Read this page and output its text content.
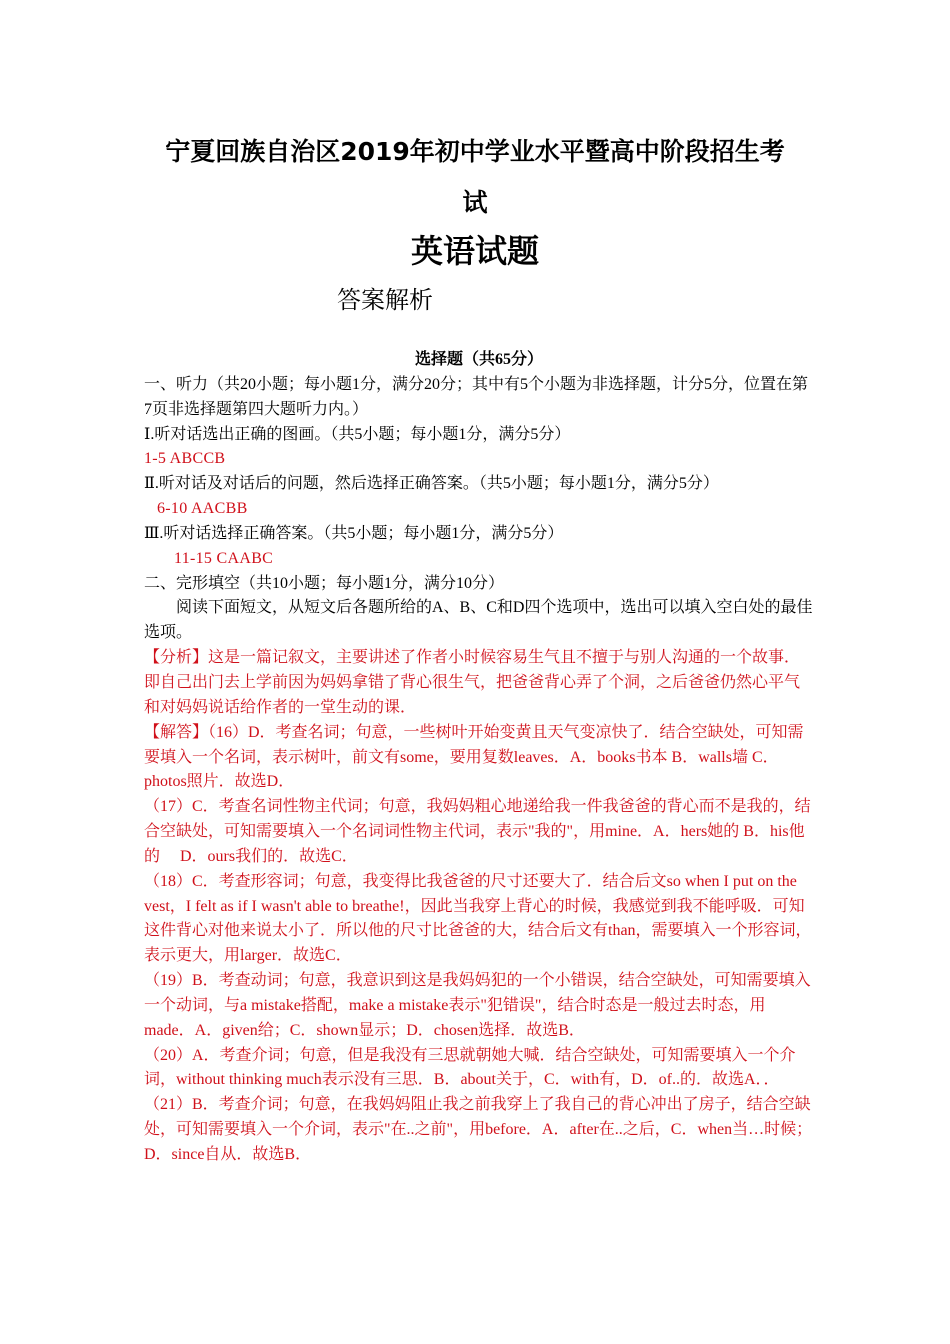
宁夏回族自治区2019年初中学业水平暨高中阶段招生考
试
英语试题
答案解析

选择题（共65分）

一、听力（共20小题；每小题1分，满分20分；其中有5个小题为非选择题，计分5分，位置在第7页非选择题第四大题听力内。）

Ⅰ.听对话选出正确的图画。（共5小题；每小题1分，满分5分）

1-5 ABCCB

Ⅱ.听对话及对话后的问题，然后选择正确答案。（共5小题；每小题1分，满分5分）

6-10 AACBB

Ⅲ.听对话选择正确答案。（共5小题；每小题1分，满分5分）

11-15 CAABC

二、完形填空（共10小题；每小题1分，满分10分）

阅读下面短文，从短文后各题所给的A、B、C和D四个选项中，选出可以填入空白处的最佳选项。

【分析】这是一篇记叙文，主要讲述了作者小时候容易生气且不擅于与别人沟通的一个故事．即自己出门去上学前因为妈妈拿错了背心很生气，把爸爸背心弄了个洞，之后爸爸仍然心平气和对妈妈说话给作者的一堂生动的课．

【解答】（16）D．考查名词；句意，一些树叶开始变黄且天气变凉快了．结合空缺处，可知需要填入一个名词，表示树叶，前文有some，要用复数leaves．A．books书本 B．walls墙 C．photos照片．故选D．

（17）C．考查名词性物主代词；句意，我妈妈粗心地递给我一件我爸爸的背心而不是我的，结合空缺处，可知需要填入一个名词词性物主代词，表示"我的"，用mine．A．hers她的 B．his他的　 D．ours我们的．故选C．

（18）C．考查形容词；句意，我变得比我爸爸的尺寸还要大了．结合后文so when I put on the vest，I felt as if I wasn't able to breathe!，因此当我穿上背心的时候，我感觉到我不能呼吸．可知这件背心对他来说太小了．所以他的尺寸比爸爸的大，结合后文有than，需要填入一个形容词，表示更大，用larger．故选C．

（19）B．考查动词；句意，我意识到这是我妈妈犯的一个小错误，结合空缺处，可知需要填入一个动词，与a mistake搭配，make a mistake表示"犯错误"，结合时态是一般过去时态，用made．A．given给；C．shown显示；D．chosen选择．故选B．

（20）A．考查介词；句意，但是我没有三思就朝她大喊．结合空缺处，可知需要填入一个介词，without thinking much表示没有三思．B．about关于，C．with有，D．of..的．故选A．．

（21）B．考查介词；句意，在我妈妈阻止我之前我穿上了我自己的背心冲出了房子，结合空缺处，可知需要填入一个介词，表示"在..之前"，用before．A．after在..之后，C．when当…时候；D．since自从．故选B．
